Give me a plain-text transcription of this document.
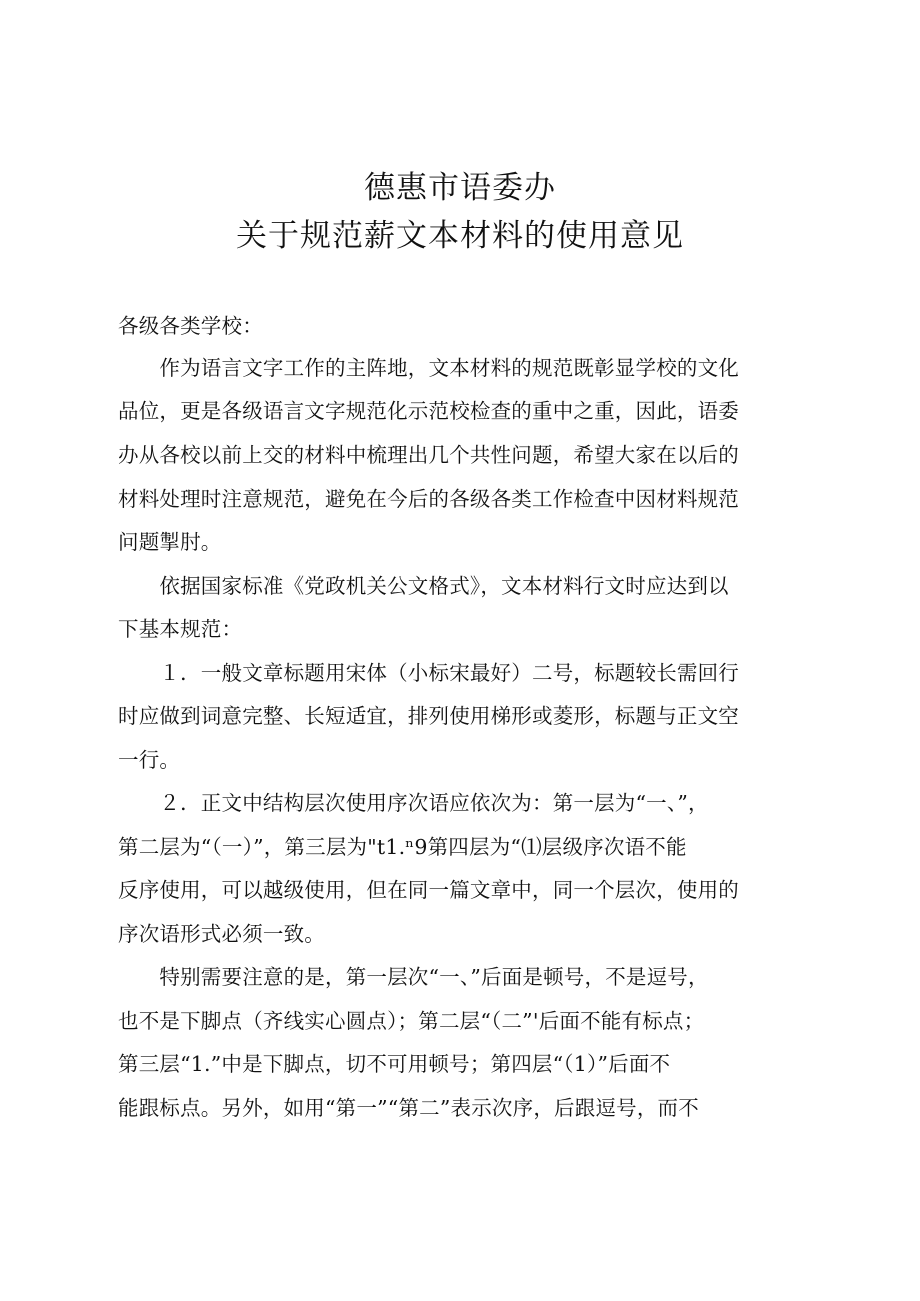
德惠市语委办
关于规范薪文本材料的使用意见
各级各类学校：
　　作为语言文字工作的主阵地，文本材料的规范既彰显学校的文化
品位，更是各级语言文字规范化示范校检查的重中之重，因此，语委
办从各校以前上交的材料中梳理出几个共性问题，希望大家在以后的
材料处理时注意规范，避免在今后的各级各类工作检查中因材料规范
问题掣肘。
　　依据国家标准《党政机关公文格式》，文本材料行文时应达到以
下基本规范：
　　１．一般文章标题用宋体（小标宋最好）二号，标题较长需回行
时应做到词意完整、长短适宜，排列使用梯形或菱形，标题与正文空
一行。
　　２．正文中结构层次使用序次语应依次为：第一层为“一、”，
第二层为“（一）”，第三层为"t1.ⁿ9第四层为“⑴层级序次语不能
反序使用，可以越级使用，但在同一篇文章中，同一个层次，使用的
序次语形式必须一致。
　　特别需要注意的是，第一层次“一、”后面是顿号，不是逗号，
也不是下脚点（齐线实心圆点）；第二层“（二”'后面不能有标点；
第三层“1.”中是下脚点，切不可用顿号；第四层“（1）”后面不
能跟标点。另外，如用“第一”“第二”表示次序，后跟逗号，而不
